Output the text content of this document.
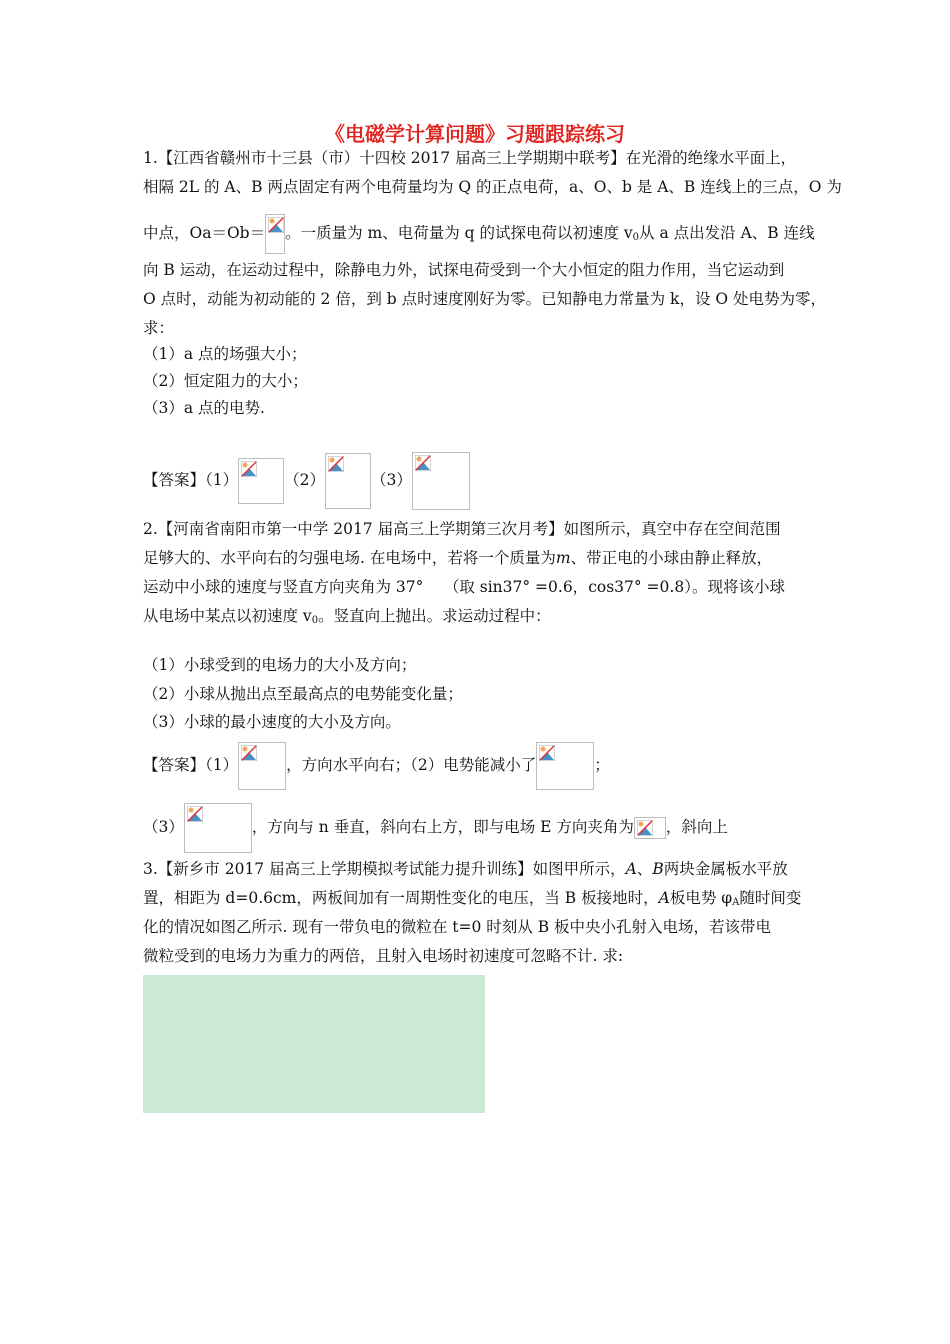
《电磁学计算问题》习题跟踪练习
1.【江西省赣州市十三县（市）十四校 2017 届高三上学期期中联考】在光滑的绝缘水平面上，
相隔 2L 的 A、B 两点固定有两个电荷量均为 Q 的正点电荷，a、O、b 是 A、B 连线上的三点，O 为
中点，Oa＝Ob＝ 。一质量为 m、电荷量为 q 的试探电荷以初速度 $v_0$从 a 点出发沿 A、B 连线
向 B 运动，在运动过程中，除静电力外，试探电荷受到一个大小恒定的阻力作用，当它运动到
O 点时，动能为初动能的 2 倍，到 b 点时速度刚好为零。已知静电力常量为 k，设 O 处电势为零，
求：
（1）a 点的场强大小；
（2）恒定阻力的大小；
（3）a 点的电势.
【答案】（1）	（2）	（3）
2.【河南省南阳市第一中学 2017 届高三上学期第三次月考】如图所示，真空中存在空间范围
足够大的、水平向右的匀强电场. 在电场中，若将一个质量为m、带正电的小球由静止释放，
运动中小球的速度与竖直方向夹角为 37°　 （取 sin37° =0.6，cos37° =0.8）。现将该小球
从电场中某点以初速度 $v_0$。竖直向上抛出。求运动过程中：
（1）小球受到的电场力的大小及方向；
（2）小球从抛出点至最高点的电势能变化量；
（3）小球的最小速度的大小及方向。
【答案】（1）	，方向水平向右；（2）电势能减小了	；
（3）	，方向与 n 垂直，斜向右上方，即与电场 E 方向夹角为 ，斜向上
3.【新乡市 2017 届高三上学期模拟考试能力提升训练】如图甲所示，A、B两块金属板水平放
置，相距为 d=0.6cm，两板间加有一周期性变化的电压，当 B 板接地时，A板电势 $\varphi_A$随时间变
化的情况如图乙所示. 现有一带负电的微粒在 t=0 时刻从 B 板中央小孔射入电场，若该带电
微粒受到的电场力为重力的两倍，且射入电场时初速度可忽略不计. 求:
